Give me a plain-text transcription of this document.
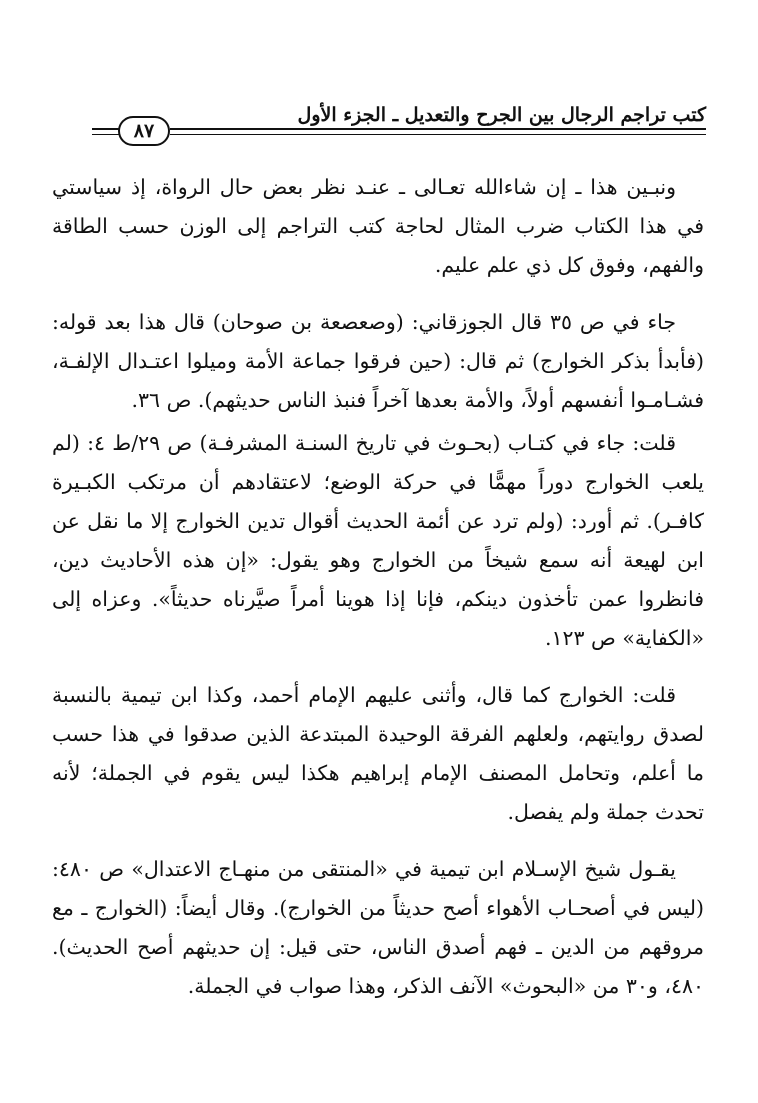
كتب تراجم الرجال بين الجرح والتعديل ـ الجزء الأول
٨٧

ونبـين هذا ـ إن شاءالله تعـالى ـ عنـد نظر بعض حال الرواة، إذ سياستي في هذا الكتاب ضرب المثال لحاجة كتب التراجم إلى الوزن حسب الطاقة والفهم، وفوق كل ذي علم عليم.

جاء في ص ٣٥ قال الجوزقاني: (وصعصعة بن صوحان) قال هذا بعد قوله: (فأبدأ بذكر الخوارج) ثم قال: (حين فرقوا جماعة الأمة وميلوا اعتـدال الإلفـة، فشـامـوا أنفسهم أولاً، والأمة بعدها آخراً فنبذ الناس حديثهم). ص ٣٦.

قلت: جاء في كتـاب (بحـوث في تاريخ السنـة المشرفـة) ص ٢٩/ط ٤: (لم يلعب الخوارج دوراً مهمًّا في حركة الوضع؛ لاعتقادهم أن مرتكب الكبـيرة كافـر). ثم أورد: (ولم ترد عن أئمة الحديث أقوال تدين الخوارج إلا ما نقل عن ابن لهيعة أنه سمع شيخاً من الخوارج وهو يقول: «إن هذه الأحاديث دين، فانظروا عمن تأخذون دينكم، فإنا إذا هوينا أمراً صيَّرناه حديثاً». وعزاه إلى «الكفاية» ص ١٢٣.

قلت: الخوارج كما قال، وأثنى عليهم الإمام أحمد، وكذا ابن تيمية بالنسبة لصدق روايتهم، ولعلهم الفرقة الوحيدة المبتدعة الذين صدقوا في هذا حسب ما أعلم، وتحامل المصنف الإمام إبراهيم هكذا ليس يقوم في الجملة؛ لأنه تحدث جملة ولم يفصل.

يقـول شيخ الإسـلام ابن تيمية في «المنتقى من منهـاج الاعتدال» ص ٤٨٠: (ليس في أصحـاب الأهواء أصح حديثاً من الخوارج). وقال أيضاً: (الخوارج ـ مع مروقهم من الدين ـ فهم أصدق الناس، حتى قيل: إن حديثهم أصح الحديث). ٤٨٠، و٣٠ من «البحوث» الآنف الذكر، وهذا صواب في الجملة.
